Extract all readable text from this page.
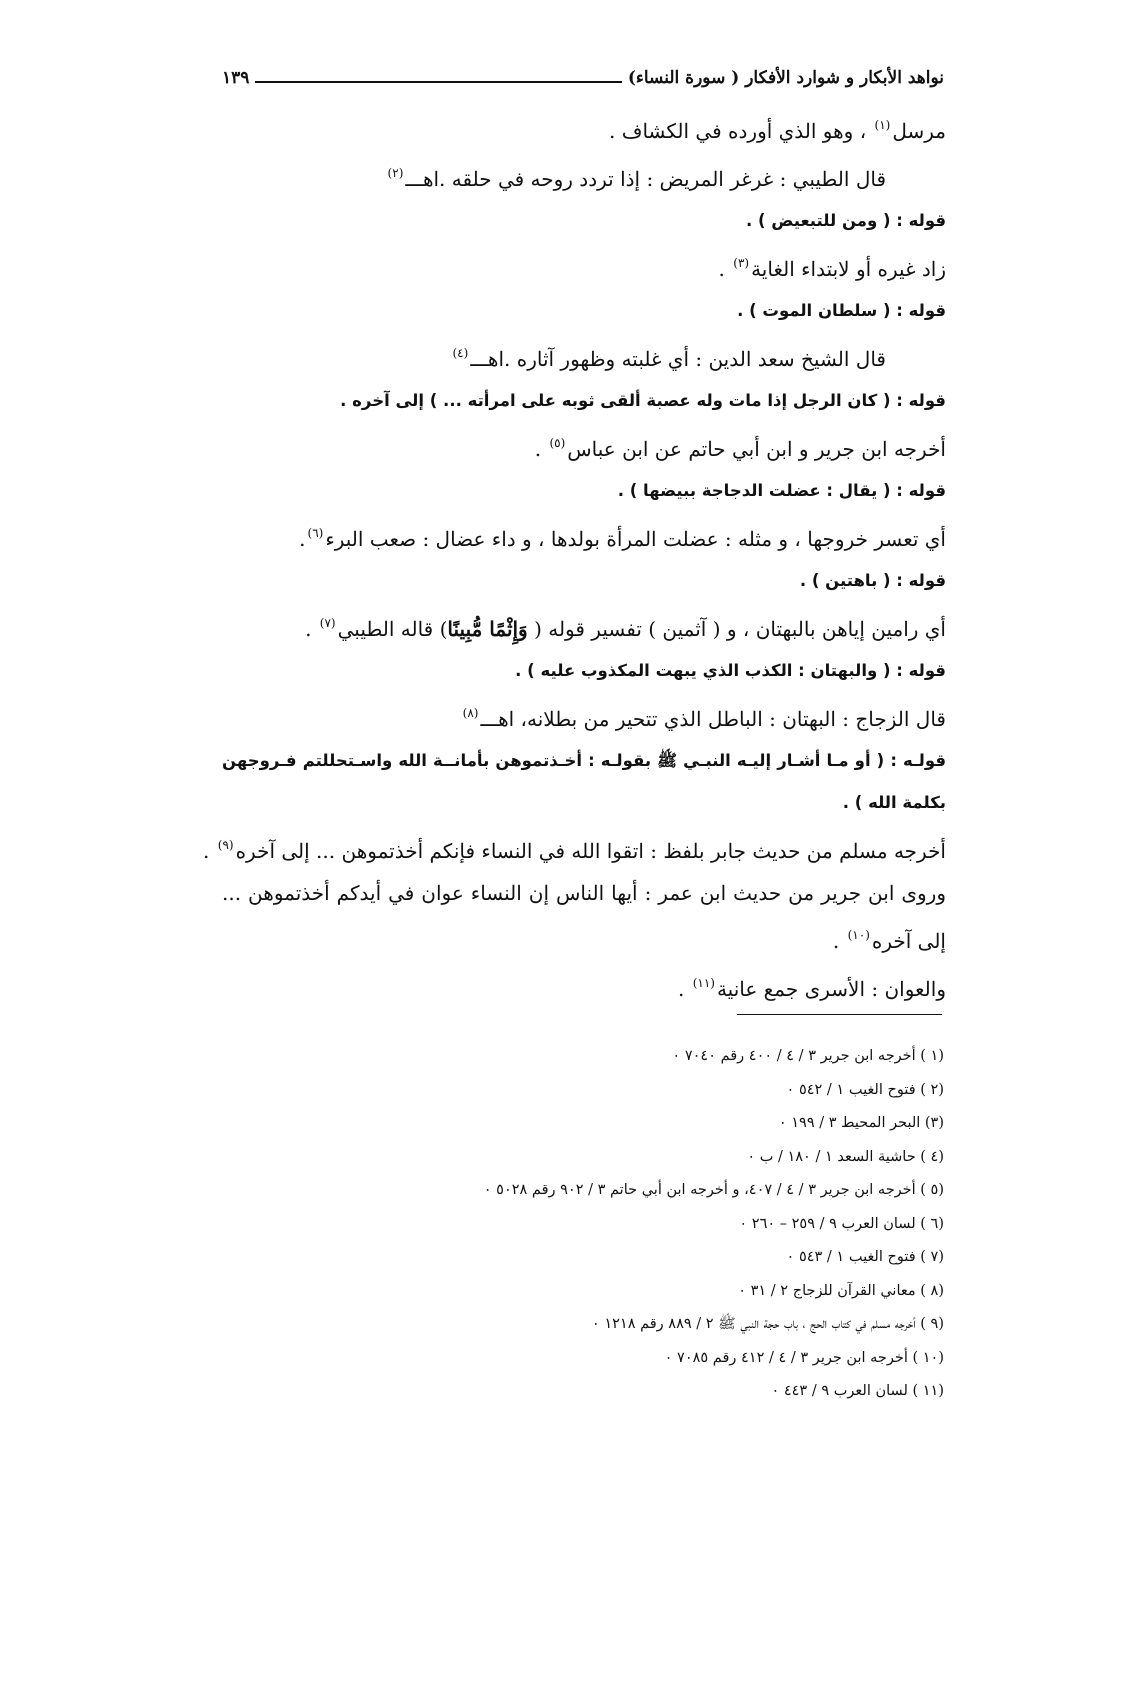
نواهد الأبكار و شوارد الأفكار ( سورة النساء)
١٣٩

مرسل$^{(١)}$ ، وهو الذي أورده في الكشاف .

قال الطيبي : غرغر المريض : إذا تردد روحه في حلقه .اهـــ$^{(٢)}$

قوله : ( ومن للتبعيض ) .

زاد غيره أو لابتداء الغاية$^{(٣)}$ .

قوله : ( سلطان الموت ) .

قال الشيخ سعد الدين : أي غلبته وظهور آثاره .اهـــ$^{(٤)}$

قوله : ( كان الرجل إذا مات وله عصبة ألقى ثوبه على امرأته ... ) إلى آخره .

أخرجه ابن جرير و ابن أبي حاتم عن ابن عباس$^{(٥)}$ .

قوله : ( يقال : عضلت الدجاجة ببيضها ) .

أي تعسر خروجها ، و مثله : عضلت المرأة بولدها ، و داء عضال : صعب البرء$^{(٦)}$.

قوله : ( باهتين ) .

أي رامين إياهن بالبهتان ، و ( آثمين ) تفسير قوله ( وَإِثْمًا مُّبِينًا) قاله الطيبي$^{(٧)}$ .

قوله : ( والبهتان : الكذب الذي يبهت المكذوب عليه ) .

قال الزجاج : البهتان : الباطل الذي تتحير من بطلانه، اهـــ$^{(٨)}$

قولـه : ( أو مـا أشـار إليـه النبـي ﷺ بقولـه : أخـذتموهن بأمانــة الله واسـتحللتم فـروجهن بكلمة الله ) .

أخرجه مسلم من حديث جابر بلفظ : اتقوا الله في النساء فإنكم أخذتموهن ... إلى آخره$^{(٩)}$ .

وروى ابن جرير من حديث ابن عمر : أيها الناس إن النساء عوان في أيدكم أخذتموهن ... إلى آخره$^{(١٠)}$ .

والعوان : الأسرى جمع عانية$^{(١١)}$ .

(١ ) أخرجه ابن جرير ٣ / ٤ / ٤٠٠ رقم ٧٠٤٠ ٠

(٢ ) فتوح الغيب ١ / ٥٤٢ ٠

(٣) البحر المحيط ٣ / ١٩٩ ٠

(٤ ) حاشية السعد ١ / ١٨٠ / ب ٠

(٥ ) أخرجه ابن جرير ٣ / ٤ / ٤٠٧، و أخرجه ابن أبي حاتم ٣ / ٩٠٢ رقم ٥٠٢٨ ٠

(٦ ) لسان العرب ٩ / ٢٥٩ – ٢٦٠ ٠

(٧ ) فتوح الغيب ١ / ٥٤٣ ٠

(٨ ) معاني القرآن للزجاج ٢ / ٣١ ٠

(٩ ) أخرجه مسلم في كتاب الحج ، باب حجة النبي ﷺ ٢ / ٨٨٩ رقم ١٢١٨ ٠

(١٠ ) أخرجه ابن جرير ٣ / ٤ / ٤١٢ رقم ٧٠٨٥ ٠

(١١ ) لسان العرب ٩ / ٤٤٣ ٠
